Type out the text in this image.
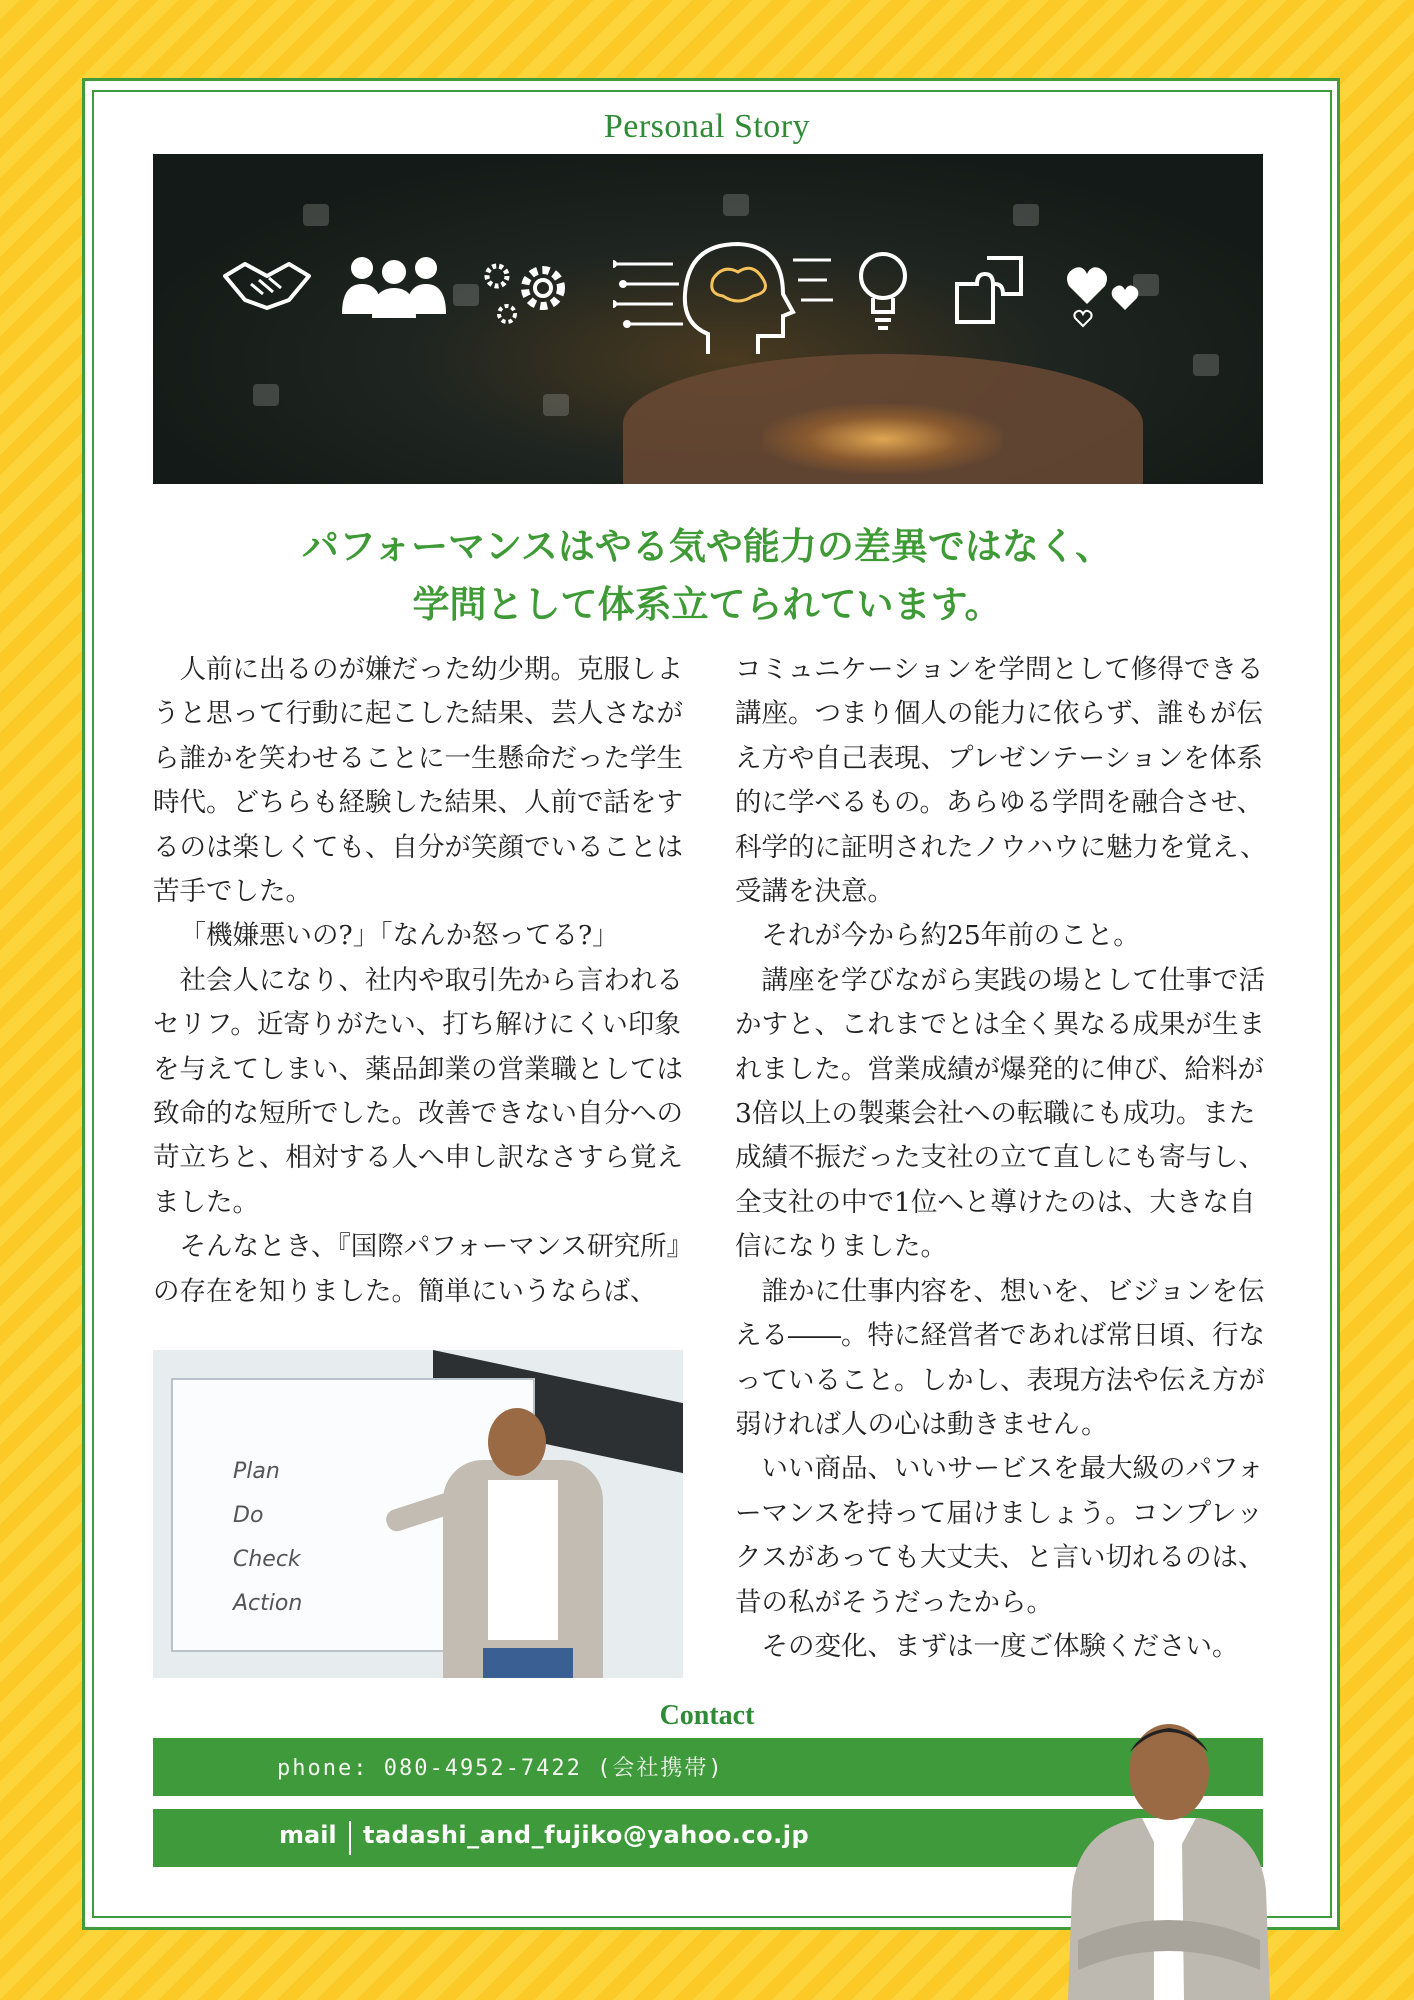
Personal Story
パフォーマンスはやる気や能力の差異ではなく、
学問として体系立てられています。

人前に出るのが嫌だった幼少期。克服しようと思って行動に起こした結果、芸人さながら誰かを笑わせることに一生懸命だった学生時代。どちらも経験した結果、人前で話をするのは楽しくても、自分が笑顔でいることは苦手でした。

「機嫌悪いの?」「なんか怒ってる?」

社会人になり、社内や取引先から言われるセリフ。近寄りがたい、打ち解けにくい印象を与えてしまい、薬品卸業の営業職としては致命的な短所でした。改善できない自分への苛立ちと、相対する人へ申し訳なさすら覚えました。

そんなとき、『国際パフォーマンス研究所』の存在を知りました。簡単にいうならば、

Plan
Do
Check
Action

コミュニケーションを学問として修得できる講座。つまり個人の能力に依らず、誰もが伝え方や自己表現、プレゼンテーションを体系的に学べるもの。あらゆる学問を融合させ、科学的に証明されたノウハウに魅力を覚え、受講を決意。

それが今から約25年前のこと。

講座を学びながら実践の場として仕事で活かすと、これまでとは全く異なる成果が生まれました。営業成績が爆発的に伸び、給料が3倍以上の製薬会社への転職にも成功。また成績不振だった支社の立て直しにも寄与し、全支社の中で1位へと導けたのは、大きな自信になりました。

誰かに仕事内容を、想いを、ビジョンを伝える――。特に経営者であれば常日頃、行なっていること。しかし、表現方法や伝え方が弱ければ人の心は動きません。

いい商品、いいサービスを最大級のパフォーマンスを持って届けましょう。コンプレックスがあっても大丈夫、と言い切れるのは、昔の私がそうだったから。

その変化、まずは一度ご体験ください。

Contact
phone: 080-4952-7422 (会社携帯)
mail tadashi_and_fujiko@yahoo.co.jp
